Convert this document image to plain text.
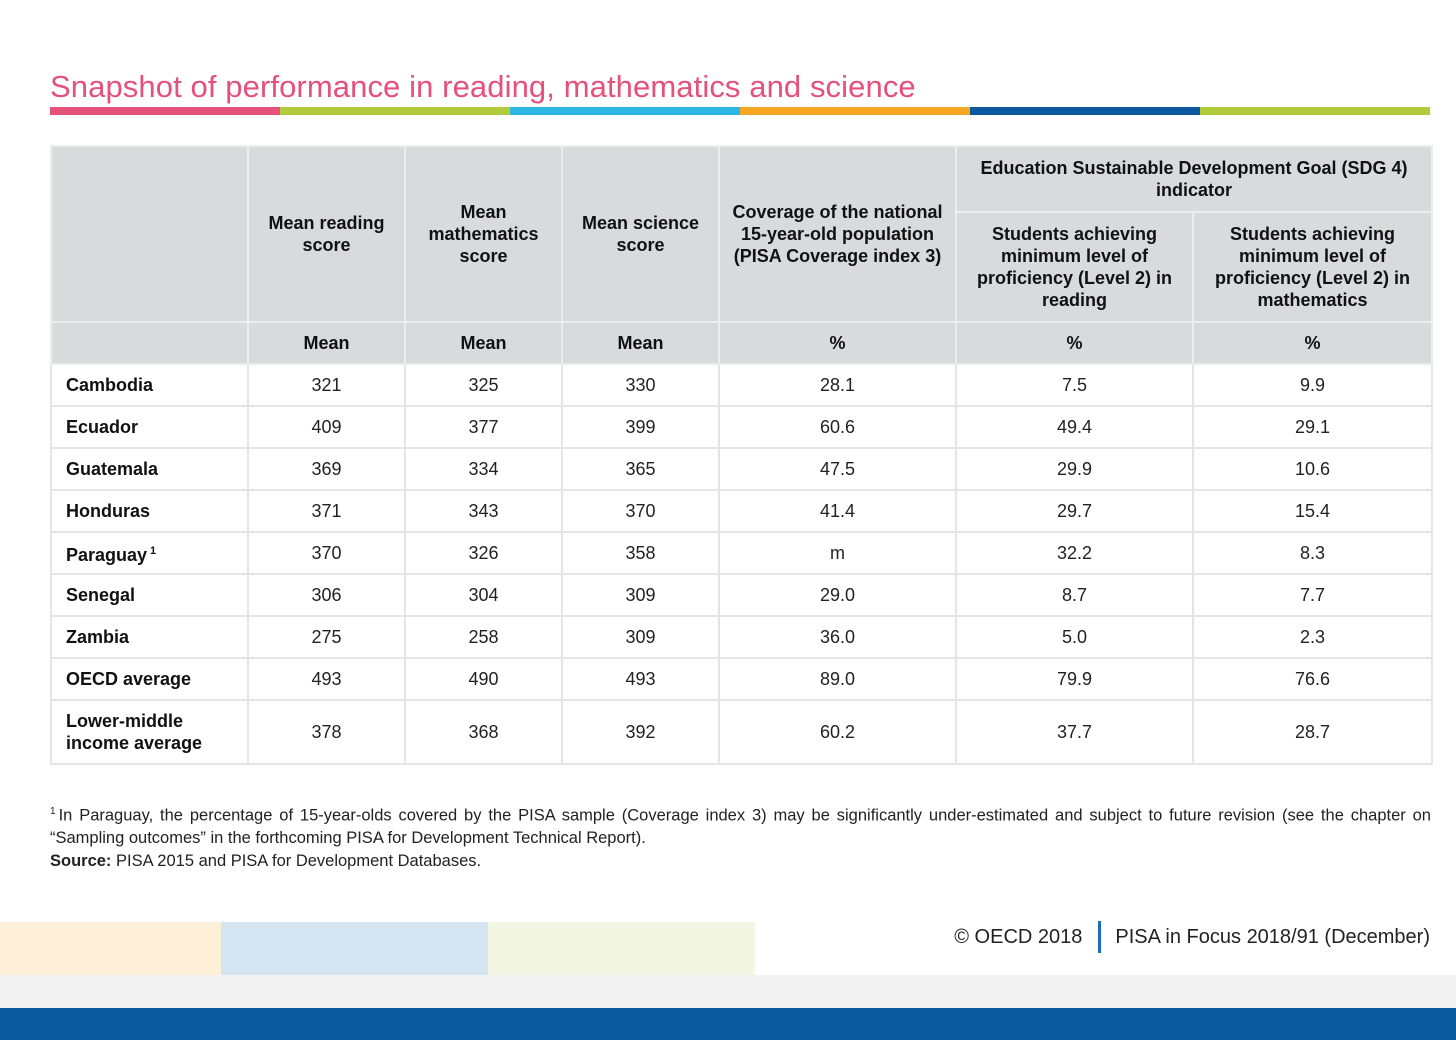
Snapshot of performance in reading, mathematics and science
	Mean reading score	Mean mathematics score	Mean science score	Coverage of the national 15-year-old population (PISA Coverage index 3)	Education Sustainable Development Goal (SDG 4) indicator	
					Students achieving minimum level of proficiency (Level 2) in reading	Students achieving minimum level of proficiency (Level 2) in mathematics
	Mean	Mean	Mean	%	%	%
Cambodia	321	325	330	28.1	7.5	9.9
Ecuador	409	377	399	60.6	49.4	29.1
Guatemala	369	334	365	47.5	29.9	10.6
Honduras	371	343	370	41.4	29.7	15.4
Paraguay $^1$	370	326	358	m	32.2	8.3
Senegal	306	304	309	29.0	8.7	7.7
Zambia	275	258	309	36.0	5.0	2.3
OECD average	493	490	493	89.0	79.9	76.6
Lower-middle income average	378	368	392	60.2	37.7	28.7
$^1$ In Paraguay, the percentage of 15-year-olds covered by the PISA sample (Coverage index 3) may be significantly under-estimated and subject to future revision (see the chapter on “Sampling outcomes” in the forthcoming PISA for Development Technical Report).
Source: PISA 2015 and PISA for Development Databases.
© OECD 2018 PISA in Focus 2018/91 (December)
